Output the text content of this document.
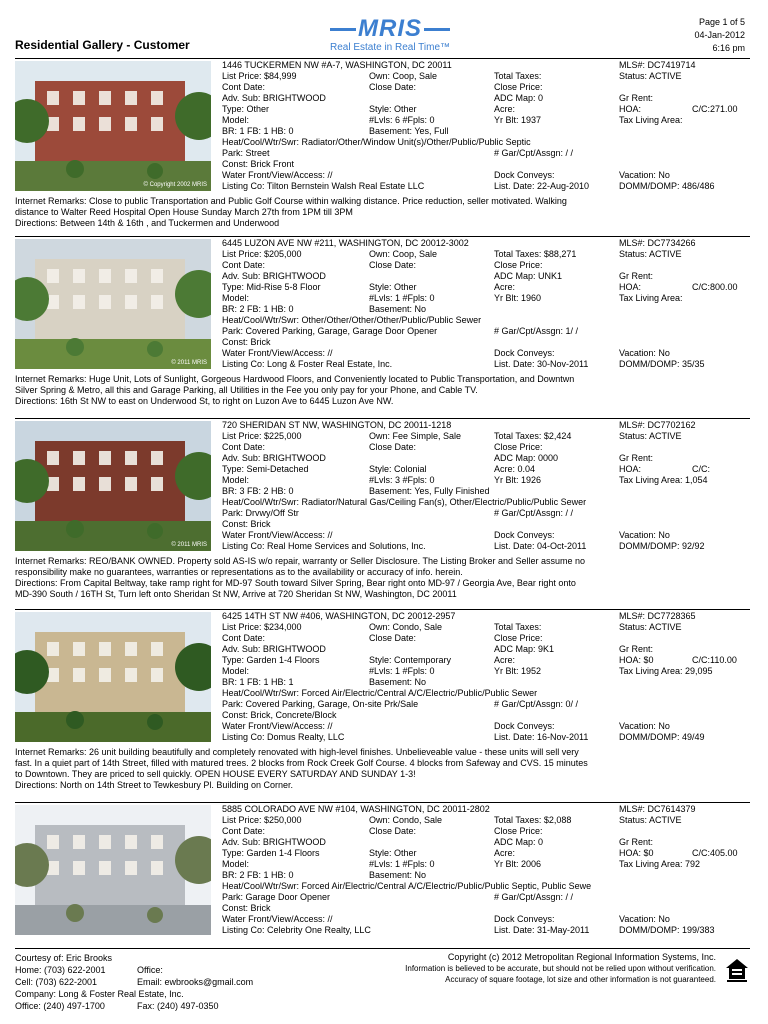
Residential Gallery - Customer
MRIS
Real Estate in Real Time™
Page 1 of 5
04-Jan-2012
6:16 pm
© Copyright 2002 MRIS
1446 TUCKERMEN NW #A-7, WASHINGTON, DC 20011	MLS#: DC7419714
List Price: $84,999	Own: Coop, Sale	Total Taxes:	Status: ACTIVE
Cont Date:	Close Date:	Close Price:
Adv. Sub: BRIGHTWOOD	ADC Map: 0	Gr Rent:
Type: Other	Style: Other	Acre:	HOA:	C/C:271.00
Model:	#Lvls: 6 #Fpls: 0	Yr Blt: 1937	Tax Living Area:
BR: 1 FB: 1 HB: 0	Basement: Yes, Full
Heat/Cool/Wtr/Swr: Radiator/Other/Window Unit(s)/Other/Public/Public Septic
Park: Street	# Gar/Cpt/Assgn: / /
Const: Brick Front
Water Front/View/Access: //	Dock Conveys:	Vacation: No
Listing Co: Tilton Bernstein Walsh Real Estate LLC	List. Date: 22-Aug-2010	DOMM/DOMP: 486/486
Internet Remarks: Close to public Transportation and Public Golf Course within walking distance. Price reduction, seller motivated. Walking
distance to Walter Reed Hospital Open House Sunday March 27th from 1PM till 3PM
Directions: Between 14th & 16th , and Tuckermen and Underwood
© 2011 MRIS
6445 LUZON AVE NW #211, WASHINGTON, DC 20012-3002	MLS#: DC7734266
List Price: $205,000	Own: Coop, Sale	Total Taxes: $88,271	Status: ACTIVE
Cont Date:	Close Date:	Close Price:
Adv. Sub: BRIGHTWOOD	ADC Map: UNK1	Gr Rent:
Type: Mid-Rise 5-8 Floor	Style: Other	Acre:	HOA:	C/C:800.00
Model:	#Lvls: 1 #Fpls: 0	Yr Blt: 1960	Tax Living Area:
BR: 2 FB: 1 HB: 0	Basement: No
Heat/Cool/Wtr/Swr: Other/Other/Other/Other/Public/Public Sewer
Park: Covered Parking, Garage, Garage Door Opener	# Gar/Cpt/Assgn: 1/ /
Const: Brick
Water Front/View/Access: //	Dock Conveys:	Vacation: No
Listing Co: Long & Foster Real Estate, Inc.	List. Date: 30-Nov-2011	DOMM/DOMP: 35/35
Internet Remarks: Huge Unit, Lots of Sunlight, Gorgeous Hardwood Floors, and Conveniently located to Public Transportation, and Downtwn
Silver Spring & Metro, all this and Garage Parking, all Utilities in the Fee you only pay for your Phone, and Cable TV.
Directions: 16th St NW to east on Underwood St, to right on Luzon Ave to 6445 Luzon Ave NW.
© 2011 MRIS
720 SHERIDAN ST NW, WASHINGTON, DC 20011-1218	MLS#: DC7702162
List Price: $225,000	Own: Fee Simple, Sale	Total Taxes: $2,424	Status: ACTIVE
Cont Date:	Close Date:	Close Price:
Adv. Sub: BRIGHTWOOD	ADC Map: 0000	Gr Rent:
Type: Semi-Detached	Style: Colonial	Acre: 0.04	HOA:	C/C:
Model:	#Lvls: 3 #Fpls: 0	Yr Blt: 1926	Tax Living Area: 1,054
BR: 3 FB: 2 HB: 0	Basement: Yes, Fully Finished
Heat/Cool/Wtr/Swr: Radiator/Natural Gas/Ceiling Fan(s), Other/Electric/Public/Public Sewer
Park: Drvwy/Off Str	# Gar/Cpt/Assgn: / /
Const: Brick
Water Front/View/Access: //	Dock Conveys:	Vacation: No
Listing Co: Real Home Services and Solutions, Inc.	List. Date: 04-Oct-2011	DOMM/DOMP: 92/92
Internet Remarks: REO/BANK OWNED. Property sold AS-IS w/o repair, warranty or Seller Disclosure. The Listing Broker and Seller assume no
responsibility make no guarantees, warranties or representations as to the availability or accuracy of info. herein.
Directions: From Capital Beltway, take ramp right for MD-97 South toward Silver Spring, Bear right onto MD-97 / Georgia Ave, Bear right onto
MD-390 South / 16TH St, Turn left onto Sheridan St NW, Arrive at 720 Sheridan St NW, Washington, DC 20011
6425 14TH ST NW #406, WASHINGTON, DC 20012-2957	MLS#: DC7728365
List Price: $234,000	Own: Condo, Sale	Total Taxes:	Status: ACTIVE
Cont Date:	Close Date:	Close Price:
Adv. Sub: BRIGHTWOOD	ADC Map: 9K1	Gr Rent:
Type: Garden 1-4 Floors	Style: Contemporary	Acre:	HOA: $0	C/C:110.00
Model:	#Lvls: 1 #Fpls: 0	Yr Blt: 1952	Tax Living Area: 29,095
BR: 1 FB: 1 HB: 1	Basement: No
Heat/Cool/Wtr/Swr: Forced Air/Electric/Central A/C/Electric/Public/Public Sewer
Park: Covered Parking, Garage, On-site Prk/Sale	# Gar/Cpt/Assgn: 0/ /
Const: Brick, Concrete/Block
Water Front/View/Access: //	Dock Conveys:	Vacation: No
Listing Co: Domus Realty, LLC	List. Date: 16-Nov-2011	DOMM/DOMP: 49/49
Internet Remarks: 26 unit building beautifully and completely renovated with high-level finishes. Unbelieveable value - these units will sell very
fast. In a quiet part of 14th Street, filled with matured trees. 2 blocks from Rock Creek Golf Course. 4 blocks from Safeway and CVS. 15 minutes
to Downtown. They are priced to sell quickly. OPEN HOUSE EVERY SATURDAY AND SUNDAY 1-3!
Directions: North on 14th Street to Tewkesbury Pl. Building on Corner.
5885 COLORADO AVE NW #104, WASHINGTON, DC 20011-2802	MLS#: DC7614379
List Price: $250,000	Own: Condo, Sale	Total Taxes: $2,088	Status: ACTIVE
Cont Date:	Close Date:	Close Price:
Adv. Sub: BRIGHTWOOD	ADC Map: 0	Gr Rent:
Type: Garden 1-4 Floors	Style: Other	Acre:	HOA: $0	C/C:405.00
Model:	#Lvls: 1 #Fpls: 0	Yr Blt: 2006	Tax Living Area: 792
BR: 2 FB: 1 HB: 0	Basement: No
Heat/Cool/Wtr/Swr: Forced Air/Electric/Central A/C/Electric/Public/Public Septic, Public Sewe
Park: Garage Door Opener	# Gar/Cpt/Assgn: / /
Const: Brick
Water Front/View/Access: //	Dock Conveys:	Vacation: No
Listing Co: Celebrity One Realty, LLC	List. Date: 31-May-2011	DOMM/DOMP: 199/383
Courtesy of: Eric Brooks
Home: (703) 622-2001	Office:
Cell: (703) 622-2001	Email: ewbrooks@gmail.com
Company: Long & Foster Real Estate, Inc.
Office: (240) 497-1700	Fax: (240) 497-0350
Copyright (c) 2012 Metropolitan Regional Information Systems, Inc.
Information is believed to be accurate, but should not be relied upon without verification.
Accuracy of square footage, lot size and other information is not guaranteed.
